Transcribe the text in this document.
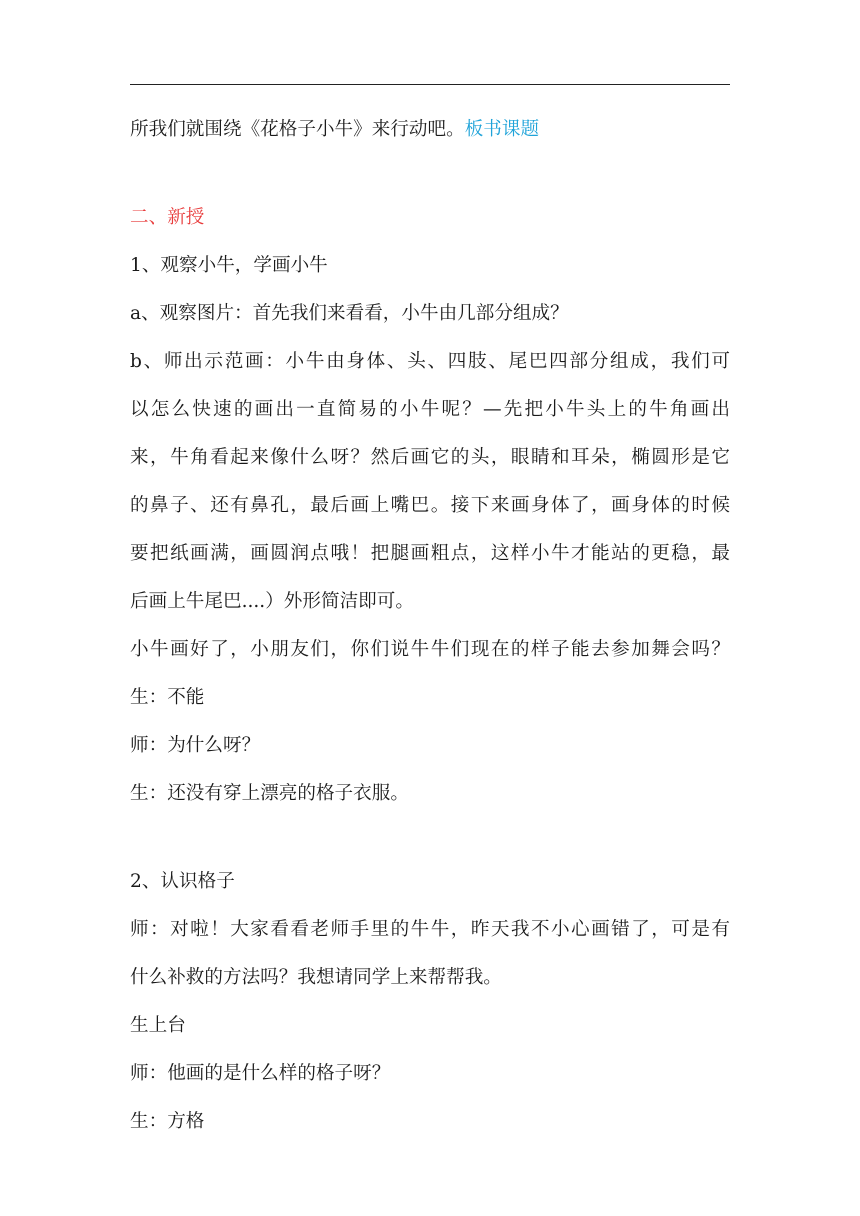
所我们就围绕《花格子小牛》来行动吧。板书课题
二、新授
1、观察小牛，学画小牛
a、观察图片：首先我们来看看，小牛由几部分组成？
b、师出示范画：小牛由身体、头、四肢、尾巴四部分组成，我们可
以怎么快速的画出一直简易的小牛呢？—先把小牛头上的牛角画出
来，牛角看起来像什么呀？然后画它的头，眼睛和耳朵，椭圆形是它
的鼻子、还有鼻孔，最后画上嘴巴。接下来画身体了，画身体的时候
要把纸画满，画圆润点哦！把腿画粗点，这样小牛才能站的更稳，最
后画上牛尾巴....）外形简洁即可。
小牛画好了，小朋友们，你们说牛牛们现在的样子能去参加舞会吗？
生：不能
师：为什么呀？
生：还没有穿上漂亮的格子衣服。
2、认识格子
师：对啦！大家看看老师手里的牛牛，昨天我不小心画错了，可是有
什么补救的方法吗？我想请同学上来帮帮我。
生上台
师：他画的是什么样的格子呀？
生：方格
